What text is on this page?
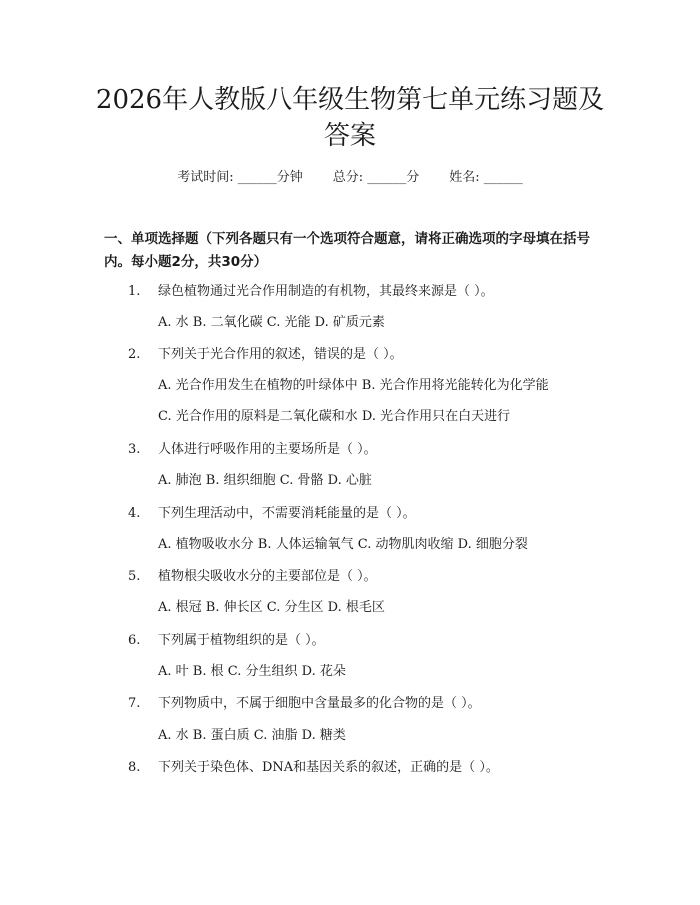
2026年人教版八年级生物第七单元练习题及答案
考试时间: ______分钟 总分: ______分 姓名: ______
一、单项选择题（下列各题只有一个选项符合题意，请将正确选项的字母填在括号内。每小题2分，共30分）
1. 绿色植物通过光合作用制造的有机物，其最终来源是（ ）。
A. 水 B. 二氧化碳 C. 光能 D. 矿质元素
2. 下列关于光合作用的叙述，错误的是（ ）。
A. 光合作用发生在植物的叶绿体中 B. 光合作用将光能转化为化学能
C. 光合作用的原料是二氧化碳和水 D. 光合作用只在白天进行
3. 人体进行呼吸作用的主要场所是（ ）。
A. 肺泡 B. 组织细胞 C. 骨骼 D. 心脏
4. 下列生理活动中，不需要消耗能量的是（ ）。
A. 植物吸收水分 B. 人体运输氧气 C. 动物肌肉收缩 D. 细胞分裂
5. 植物根尖吸收水分的主要部位是（ ）。
A. 根冠 B. 伸长区 C. 分生区 D. 根毛区
6. 下列属于植物组织的是（ ）。
A. 叶 B. 根 C. 分生组织 D. 花朵
7. 下列物质中，不属于细胞中含量最多的化合物的是（ ）。
A. 水 B. 蛋白质 C. 油脂 D. 糖类
8. 下列关于染色体、DNA和基因关系的叙述，正确的是（ ）。
